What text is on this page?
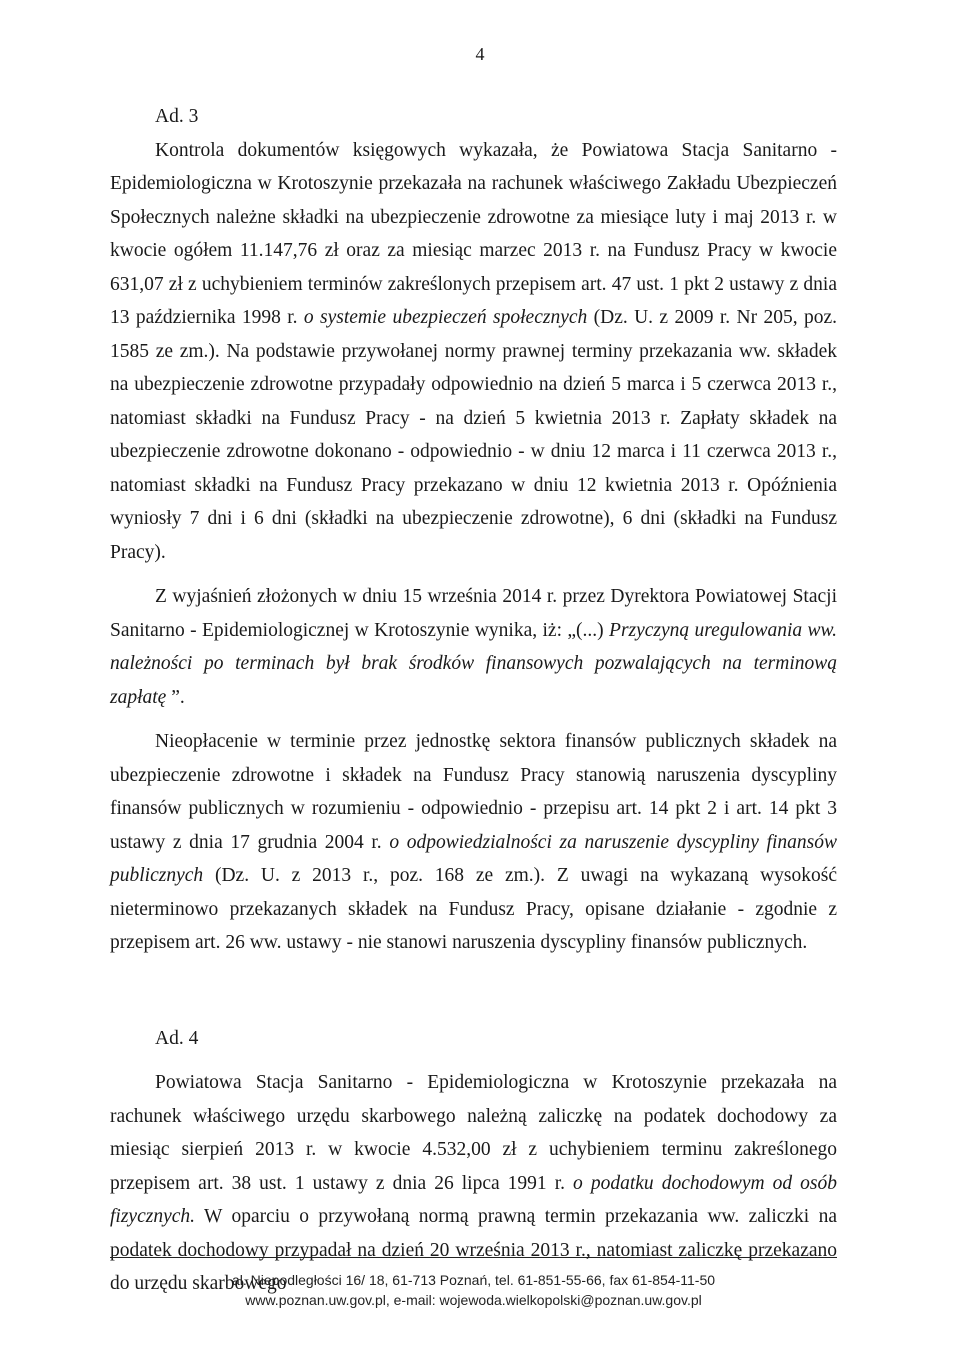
4

Ad. 3

Kontrola dokumentów księgowych wykazała, że Powiatowa Stacja Sanitarno - Epidemiologiczna w Krotoszynie przekazała na rachunek właściwego Zakładu Ubezpieczeń Społecznych należne składki na ubezpieczenie zdrowotne za miesiące luty i maj 2013 r. w kwocie ogółem 11.147,76 zł oraz za miesiąc marzec 2013 r. na Fundusz Pracy w kwocie 631,07 zł z uchybieniem terminów zakreślonych przepisem art. 47 ust. 1 pkt 2 ustawy z dnia 13 października 1998 r. o systemie ubezpieczeń społecznych (Dz. U. z 2009 r. Nr 205, poz. 1585 ze zm.). Na podstawie przywołanej normy prawnej terminy przekazania ww. składek na ubezpieczenie zdrowotne przypadały odpowiednio na dzień 5 marca i 5 czerwca 2013 r., natomiast składki na Fundusz Pracy - na dzień 5 kwietnia 2013 r. Zapłaty składek na ubezpieczenie zdrowotne dokonano - odpowiednio - w dniu 12 marca i 11 czerwca 2013 r., natomiast składki na Fundusz Pracy przekazano w dniu 12 kwietnia 2013 r. Opóźnienia wyniosły 7 dni i 6 dni (składki na ubezpieczenie zdrowotne), 6 dni (składki na Fundusz Pracy).

Z wyjaśnień złożonych w dniu 15 września 2014 r. przez Dyrektora Powiatowej Stacji Sanitarno - Epidemiologicznej w Krotoszynie wynika, iż: „(...) Przyczyną uregulowania ww. należności po terminach był brak środków finansowych pozwalających na terminową zapłatę ”.

Nieopłacenie w terminie przez jednostkę sektora finansów publicznych składek na ubezpieczenie zdrowotne i składek na Fundusz Pracy stanowią naruszenia dyscypliny finansów publicznych w rozumieniu - odpowiednio - przepisu art. 14 pkt 2 i art. 14 pkt 3 ustawy z dnia 17 grudnia 2004 r. o odpowiedzialności za naruszenie dyscypliny finansów publicznych (Dz. U. z 2013 r., poz. 168 ze zm.). Z uwagi na wykazaną wysokość nieterminowo przekazanych składek na Fundusz Pracy, opisane działanie - zgodnie z przepisem art. 26 ww. ustawy - nie stanowi naruszenia dyscypliny finansów publicznych.

Ad. 4

Powiatowa Stacja Sanitarno - Epidemiologiczna w Krotoszynie przekazała na rachunek właściwego urzędu skarbowego należną zaliczkę na podatek dochodowy za miesiąc sierpień 2013 r. w kwocie 4.532,00 zł z uchybieniem terminu zakreślonego przepisem art. 38 ust. 1 ustawy z dnia 26 lipca 1991 r. o podatku dochodowym od osób fizycznych. W oparciu o przywołaną normą prawną termin przekazania ww. zaliczki na podatek dochodowy przypadał na dzień 20 września 2013 r., natomiast zaliczkę przekazano do urzędu skarbowego

al. Niepodległości 16/ 18, 61-713 Poznań, tel. 61-851-55-66, fax 61-854-11-50
www.poznan.uw.gov.pl, e-mail: wojewoda.wielkopolski@poznan.uw.gov.pl
